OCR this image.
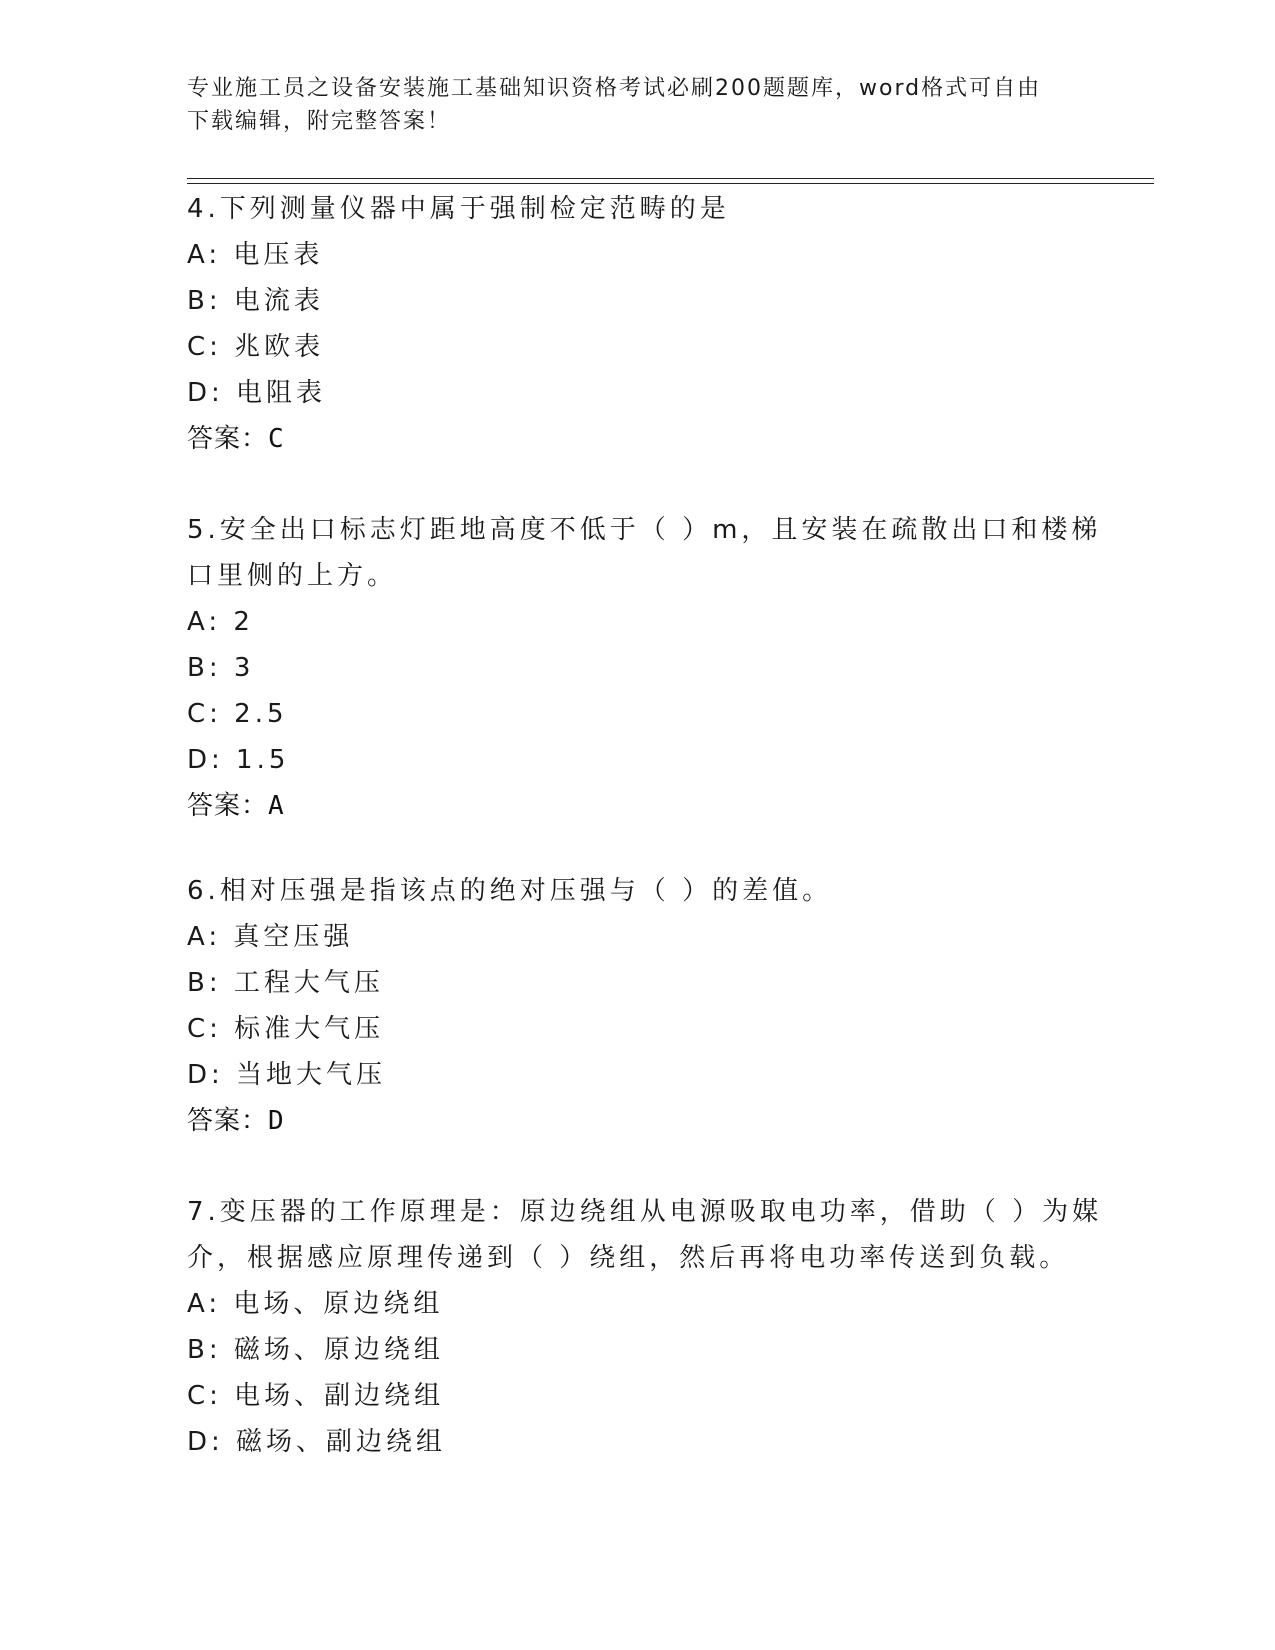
专业施工员之设备安装施工基础知识资格考试必刷200题题库，word格式可自由
下载编辑，附完整答案！
4.下列测量仪器中属于强制检定范畴的是
A: 电压表
B: 电流表
C: 兆欧表
D: 电阻表
答案：C
5.安全出口标志灯距地高度不低于（ ）m，且安装在疏散出口和楼梯
口里侧的上方。
A: 2
B: 3
C: 2.5
D: 1.5
答案：A
6.相对压强是指该点的绝对压强与（ ）的差值。
A: 真空压强
B: 工程大气压
C: 标准大气压
D: 当地大气压
答案：D
7.变压器的工作原理是：原边绕组从电源吸取电功率，借助（ ）为媒
介，根据感应原理传递到（ ）绕组，然后再将电功率传送到负载。
A: 电场、原边绕组
B: 磁场、原边绕组
C: 电场、副边绕组
D: 磁场、副边绕组
